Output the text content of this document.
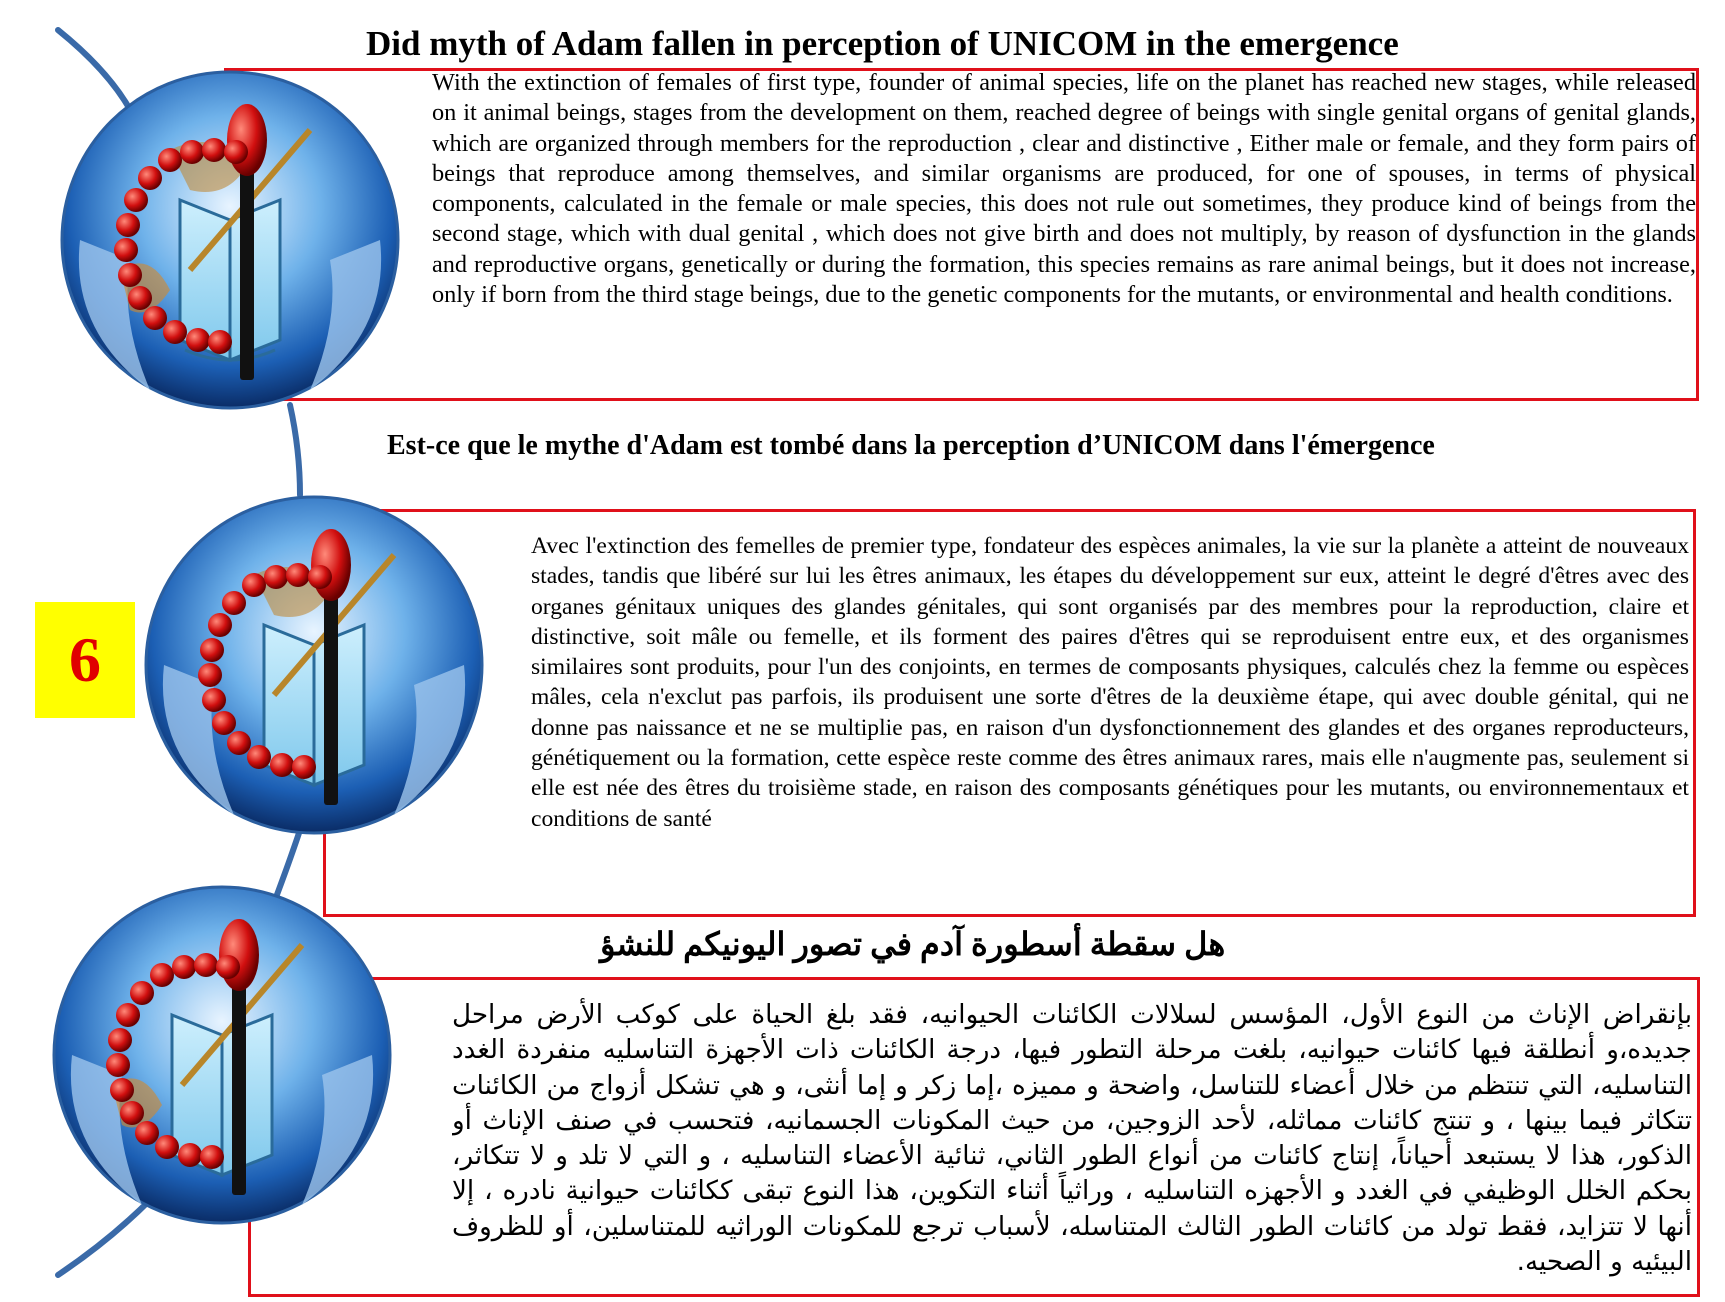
Did myth of Adam fallen in perception of UNICOM in the emergence
Est-ce que le mythe d'Adam est tombé dans la perception d’UNICOM dans l'émergence
هل سقطة أسطورة آدم في تصور اليونيكم للنشؤ
With the extinction of females of first type, founder of animal species, life on the planet has reached new stages, while released on it animal beings, stages from the development on them, reached degree of beings with single genital organs of genital glands, which are organized through members for the reproduction , clear and distinctive , Either male or female, and they form pairs of beings that reproduce among themselves, and similar organisms are produced, for one of spouses, in terms of physical components, calculated in the female or male species, this does not rule out sometimes, they produce kind of beings from the second stage, which with dual genital , which does not give birth and does not multiply, by reason of dysfunction in the glands and reproductive organs, genetically or during the formation, this species remains as rare animal beings, but it does not increase, only if born from the third stage beings, due to the genetic components for the mutants, or environmental and health conditions.
Avec l'extinction des femelles de premier type, fondateur des espèces animales, la vie sur la planète a atteint de nouveaux stades, tandis que libéré sur lui les êtres animaux, les étapes du développement sur eux, atteint le degré d'êtres avec des organes génitaux uniques des glandes génitales, qui sont organisés par des membres pour la reproduction, claire et distinctive, soit mâle ou femelle, et ils forment des paires d'êtres qui se reproduisent entre eux, et des organismes similaires sont produits, pour l'un des conjoints, en termes de composants physiques, calculés chez la femme ou espèces mâles, cela n'exclut pas parfois, ils produisent une sorte d'êtres de la deuxième étape, qui avec double génital, qui ne donne pas naissance et ne se multiplie pas, en raison d'un dysfonctionnement des glandes et des organes reproducteurs, génétiquement ou la formation, cette espèce reste comme des êtres animaux rares, mais elle n'augmente pas, seulement si elle est née des êtres du troisième stade, en raison des composants génétiques pour les mutants, ou environnementaux et conditions de santé
بإنقراض الإناث من النوع الأول، المؤسس لسلالات الكائنات الحيوانيه، فقد بلغ الحياة على كوكب الأرض مراحل جديده،و أنطلقة فيها كائنات حيوانيه، بلغت مرحلة التطور فيها، درجة الكائنات ذات الأجهزة التناسليه منفردة الغدد التناسليه، التي تنتظم من خلال أعضاء للتناسل، واضحة و مميزه ،إما زكر و إما أنثى، و هي تشكل أزواج من الكائنات تتكاثر فيما بينها ، و تنتج كائنات مماثله، لأحد الزوجين، من حيث المكونات الجسمانيه، فتحسب في صنف الإناث أو الذكور، هذا لا يستبعد أحياناً، إنتاج كائنات من أنواع الطور الثاني، ثنائية الأعضاء التناسليه ، و التي لا تلد و لا تتكاثر، بحكم الخلل الوظيفي في الغدد و الأجهزه التناسليه ، وراثياً أثناء التكوين، هذا النوع تبقى ككائنات حيوانية نادره ، إلا أنها لا تتزايد، فقط تولد من كائنات الطور الثالث المتناسله، لأسباب ترجع للمكونات الوراثيه للمتناسلين، أو للظروف البيئيه و الصحيه.
6
